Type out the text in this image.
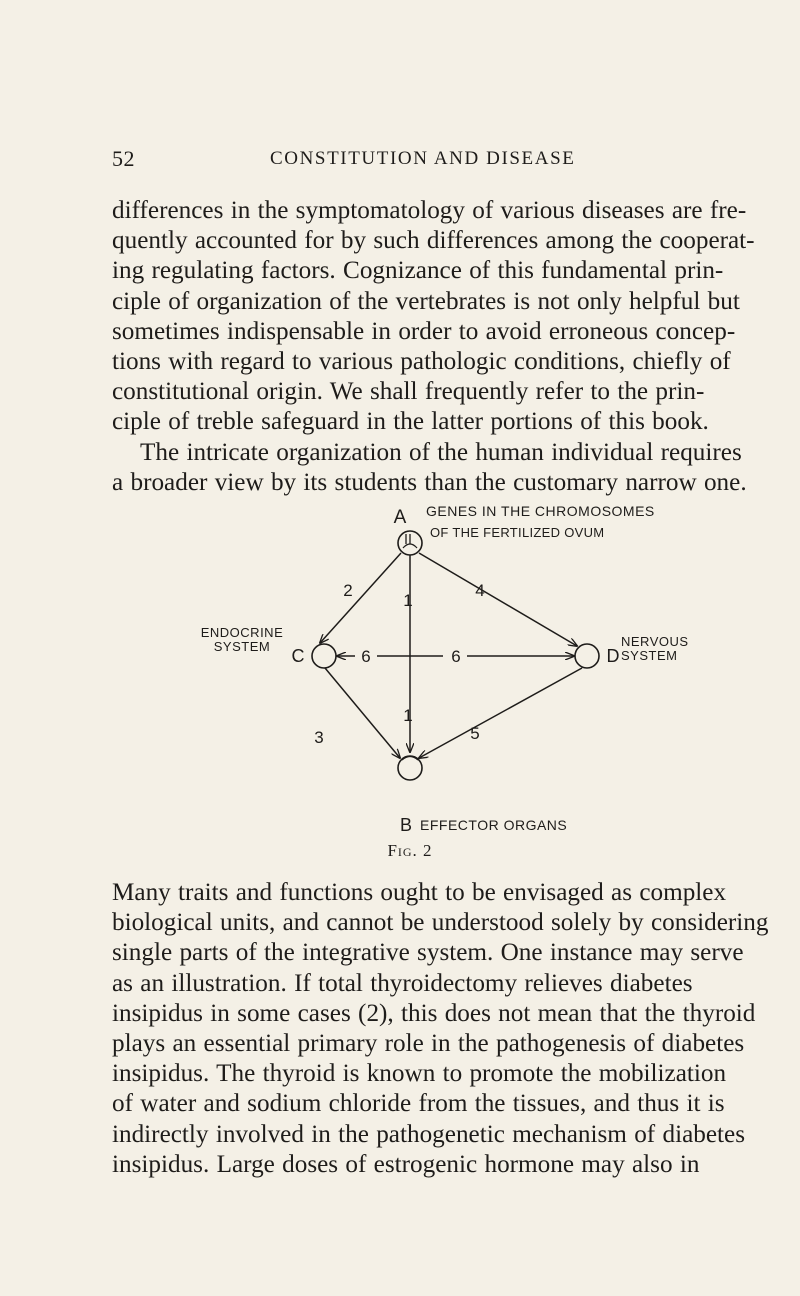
52	CONSTITUTION AND DISEASE

differences in the symptomatology of various diseases are fre-
quently accounted for by such differences among the cooperat-
ing regulating factors. Cognizance of this fundamental prin-
ciple of organization of the vertebrates is not only helpful but
sometimes indispensable in order to avoid erroneous concep-
tions with regard to various pathologic conditions, chiefly of
constitutional origin. We shall frequently refer to the prin-
ciple of treble safeguard in the latter portions of this book.
The intricate organization of the human individual requires
a broader view by its students than the customary narrow one.

A GENES IN THE CHROMOSOMES
OF THE FERTILIZED OVUM
ENDOCRINE
SYSTEM C	D
NERVOUS
SYSTEM
B EFFECTOR ORGANS
1
1
2	4
3	5
6	6
Fig. 2

Many traits and functions ought to be envisaged as complex
biological units, and cannot be understood solely by considering
single parts of the integrative system. One instance may serve
as an illustration. If total thyroidectomy relieves diabetes
insipidus in some cases (2), this does not mean that the thyroid
plays an essential primary role in the pathogenesis of diabetes
insipidus. The thyroid is known to promote the mobilization
of water and sodium chloride from the tissues, and thus it is
indirectly involved in the pathogenetic mechanism of diabetes
insipidus. Large doses of estrogenic hormone may also in
